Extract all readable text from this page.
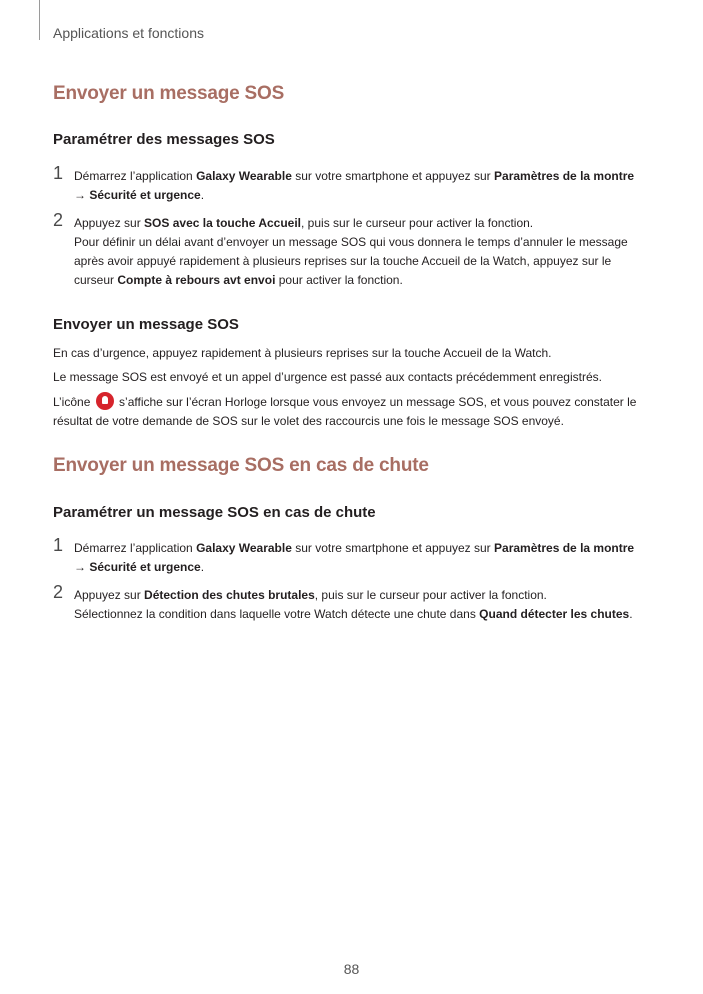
Applications et fonctions
Envoyer un message SOS
Paramétrer des messages SOS
1 Démarrez l’application Galaxy Wearable sur votre smartphone et appuyez sur Paramètres de la montre
→ Sécurité et urgence.
2 Appuyez sur SOS avec la touche Accueil, puis sur le curseur pour activer la fonction.
Pour définir un délai avant d’envoyer un message SOS qui vous donnera le temps d’annuler le message après avoir appuyé rapidement à plusieurs reprises sur la touche Accueil de la Watch, appuyez sur le curseur Compte à rebours avt envoi pour activer la fonction.
Envoyer un message SOS
En cas d’urgence, appuyez rapidement à plusieurs reprises sur la touche Accueil de la Watch.
Le message SOS est envoyé et un appel d’urgence est passé aux contacts précédemment enregistrés.
L’icône  s’affiche sur l’écran Horloge lorsque vous envoyez un message SOS, et vous pouvez constater le résultat de votre demande de SOS sur le volet des raccourcis une fois le message SOS envoyé.
Envoyer un message SOS en cas de chute
Paramétrer un message SOS en cas de chute
1 Démarrez l’application Galaxy Wearable sur votre smartphone et appuyez sur Paramètres de la montre
→ Sécurité et urgence.
2 Appuyez sur Détection des chutes brutales, puis sur le curseur pour activer la fonction.
Sélectionnez la condition dans laquelle votre Watch détecte une chute dans Quand détecter les chutes.
88
